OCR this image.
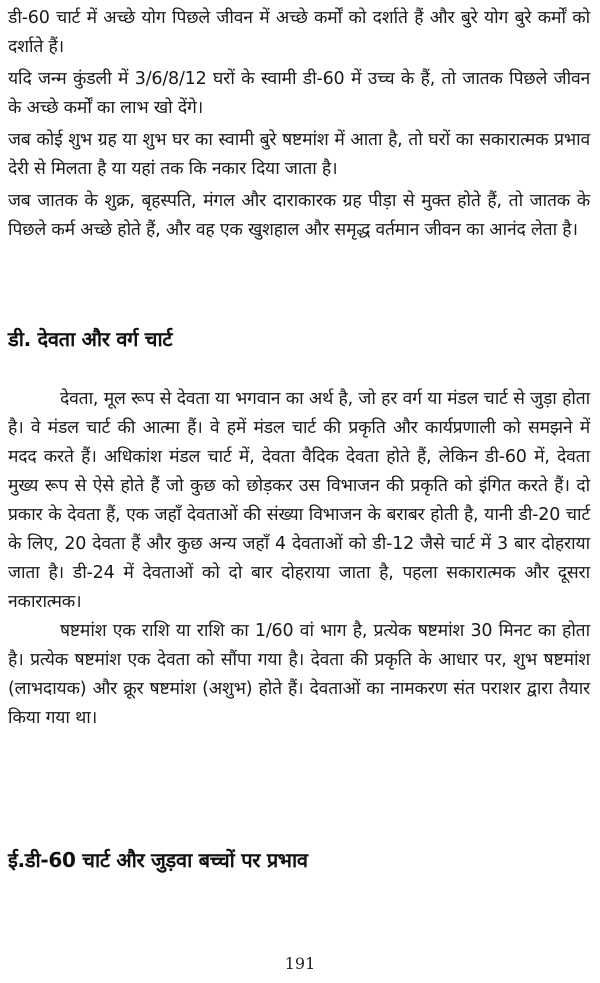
डी-60 चार्ट में अच्छे योग पिछले जीवन में अच्छे कर्मों को दर्शाते हैं और बुरे योग बुरे कर्मों को दर्शाते हैं।

यदि जन्म कुंडली में 3/6/8/12 घरों के स्वामी डी-60 में उच्च के हैं, तो जातक पिछले जीवन के अच्छे कर्मों का लाभ खो देंगे।

जब कोई शुभ ग्रह या शुभ घर का स्वामी बुरे षष्टमांश में आता है, तो घरों का सकारात्मक प्रभाव देरी से मिलता है या यहां तक कि नकार दिया जाता है।

जब जातक के शुक्र, बृहस्पति, मंगल और दाराकारक ग्रह पीड़ा से मुक्त होते हैं, तो जातक के पिछले कर्म अच्छे होते हैं, और वह एक खुशहाल और समृद्ध वर्तमान जीवन का आनंद लेता है।

डी. देवता और वर्ग चार्ट

देवता, मूल रूप से देवता या भगवान का अर्थ है, जो हर वर्ग या मंडल चार्ट से जुड़ा होता है। वे मंडल चार्ट की आत्मा हैं। वे हमें मंडल चार्ट की प्रकृति और कार्यप्रणाली को समझने में मदद करते हैं। अधिकांश मंडल चार्ट में, देवता वैदिक देवता होते हैं, लेकिन डी-60 में, देवता मुख्य रूप से ऐसे होते हैं जो कुछ को छोड़कर उस विभाजन की प्रकृति को इंगित करते हैं। दो प्रकार के देवता हैं, एक जहाँ देवताओं की संख्या विभाजन के बराबर होती है, यानी डी-20 चार्ट के लिए, 20 देवता हैं और कुछ अन्य जहाँ 4 देवताओं को डी-12 जैसे चार्ट में 3 बार दोहराया जाता है। डी-24 में देवताओं को दो बार दोहराया जाता है, पहला सकारात्मक और दूसरा नकारात्मक।

षष्टमांश एक राशि या राशि का 1/60 वां भाग है, प्रत्येक षष्टमांश 30 मिनट का होता है। प्रत्येक षष्टमांश एक देवता को सौंपा गया है। देवता की प्रकृति के आधार पर, शुभ षष्टमांश (लाभदायक) और क्रूर षष्टमांश (अशुभ) होते हैं। देवताओं का नामकरण संत पराशर द्वारा तैयार किया गया था।

ई.डी-60 चार्ट और जुड़वा बच्चों पर प्रभाव
191
